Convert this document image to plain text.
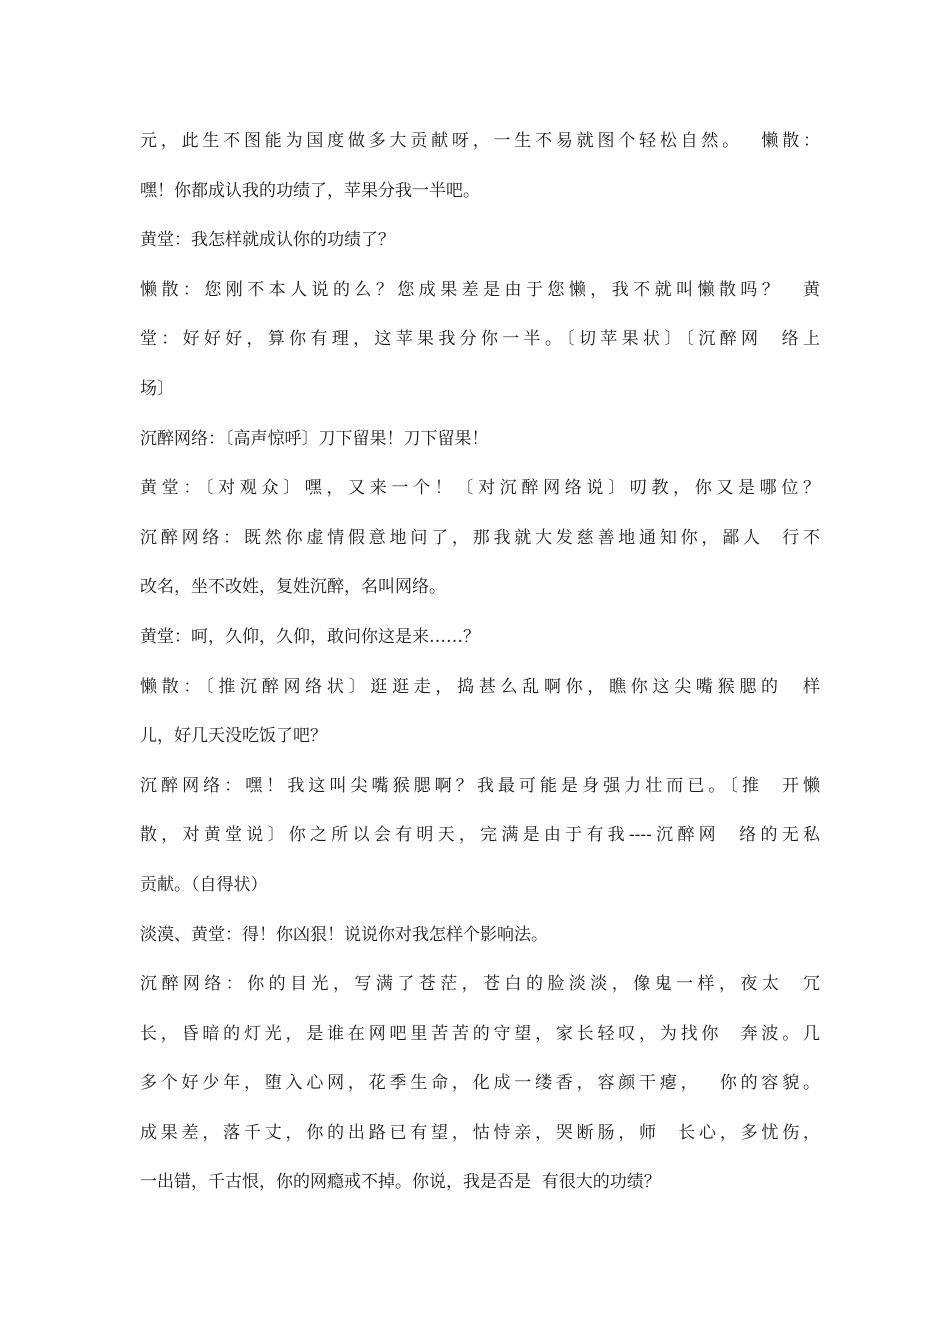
元，此生不图能为国度做多大贡献呀，一生不易就图个轻松自然。  懒散：
嘿！你都成认我的功绩了，苹果分我一半吧。
黄堂：我怎样就成认你的功绩了？
懒散：您刚不本人说的么？您成果差是由于您懒，我不就叫懒散吗？  黄
堂：好好好，算你有理，这苹果我分你一半。〔切苹果状〕〔沉醉网  络上
场〕
沉醉网络：〔高声惊呼〕刀下留果！刀下留果！
黄堂：〔对观众〕嘿，又来一个！〔对沉醉网络说〕叨教，你又是哪位？
沉醉网络：既然你虚情假意地问了，那我就大发慈善地通知你，鄙人  行不
改名，坐不改姓，复姓沉醉，名叫网络。
黄堂：呵，久仰，久仰，敢问你这是来……？
懒散：〔推沉醉网络状〕逛逛走，捣甚么乱啊你，瞧你这尖嘴猴腮的  样
儿，好几天没吃饭了吧？
沉醉网络：嘿！我这叫尖嘴猴腮啊？我最可能是身强力壮而已。〔推  开懒
散，对黄堂说〕你之所以会有明天，完满是由于有我----沉醉网  络的无私
贡献。（自得状）
淡漠、黄堂：得！你凶狠！说说你对我怎样个影响法。
沉醉网络：你的目光，写满了苍茫，苍白的脸淡淡，像鬼一样，夜太  冗
长，昏暗的灯光，是谁在网吧里苦苦的守望，家长轻叹，为找你  奔波。几
多个好少年，堕入心网，花季生命，化成一缕香，容颜干瘪，  你的容貌。
成果差，落千丈，你的出路已有望，怙恃亲，哭断肠，师  长心，多忧伤，
一出错，千古恨，你的网瘾戒不掉。你说，我是否是  有很大的功绩？
